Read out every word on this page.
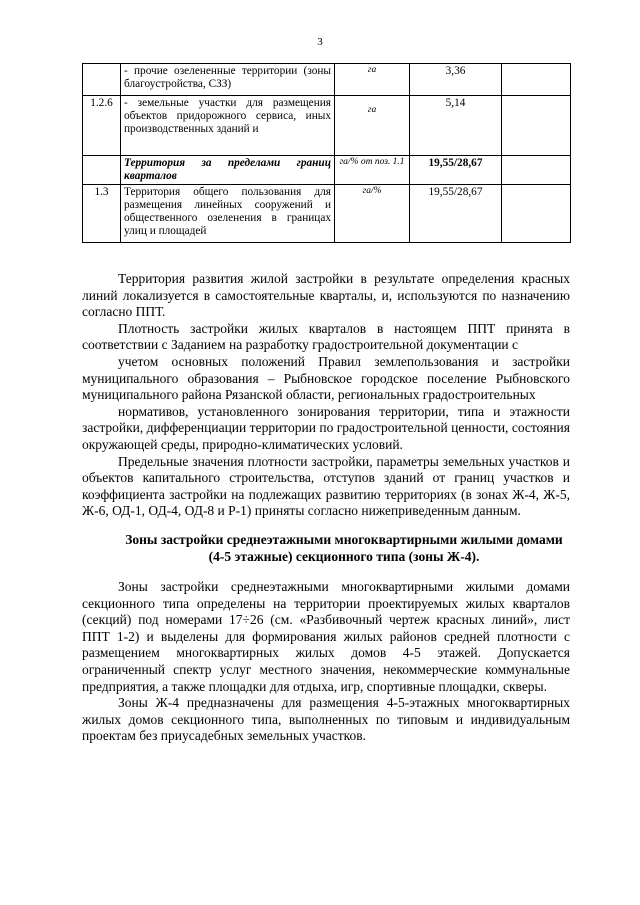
3
	- прочие озелененные территории (зоны благоустройства, СЗЗ)	га	3,36	
1.2.6	- земельные участки для размещения объектов придорожного сервиса, иных производственных зданий и	га	5,14	
	Территория за пределами границ кварталов	га/% от поз. 1.1	19,55/28,67	
1.3	Территория общего пользования для размещения линейных сооружений и общественного озеленения в границах улиц и площадей	га/%	19,55/28,67	

Территория развития жилой застройки в результате определения красных линий локализуется в самостоятельные кварталы, и, используются по назначению согласно ППТ.

Плотность застройки жилых кварталов в настоящем ППТ принята в соответствии с Заданием на разработку градостроительной документации с

учетом основных положений Правил землепользования и застройки муниципального образования – Рыбновское городское поселение Рыбновского муниципального района Рязанской области, региональных градостроительных

нормативов, установленного зонирования территории, типа и этажности застройки, дифференциации территории по градостроительной ценности, состояния окружающей среды, природно-климатических условий.

Предельные значения плотности застройки, параметры земельных участков и объектов капитального строительства, отступов зданий от границ участков и коэффициента застройки на подлежащих развитию территориях (в зонах Ж-4, Ж-5, Ж-6, ОД-1, ОД-4, ОД-8 и Р-1) приняты согласно нижеприведенным данным.

Зоны застройки среднеэтажными многоквартирными жилыми домами (4-5 этажные) секционного типа (зоны Ж-4).

Зоны застройки среднеэтажными многоквартирными жилыми домами секционного типа определены на территории проектируемых жилых кварталов (секций) под номерами 17÷26 (см. «Разбивочный чертеж красных линий», лист ППТ 1-2) и выделены для формирования жилых районов средней плотности с размещением многоквартирных жилых домов 4-5 этажей. Допускается ограниченный спектр услуг местного значения, некоммерческие коммунальные предприятия, а также площадки для отдыха, игр, спортивные площадки, скверы.

Зоны Ж-4 предназначены для размещения 4-5-этажных многоквартирных жилых домов секционного типа, выполненных по типовым и индивидуальным проектам без приусадебных земельных участков.
